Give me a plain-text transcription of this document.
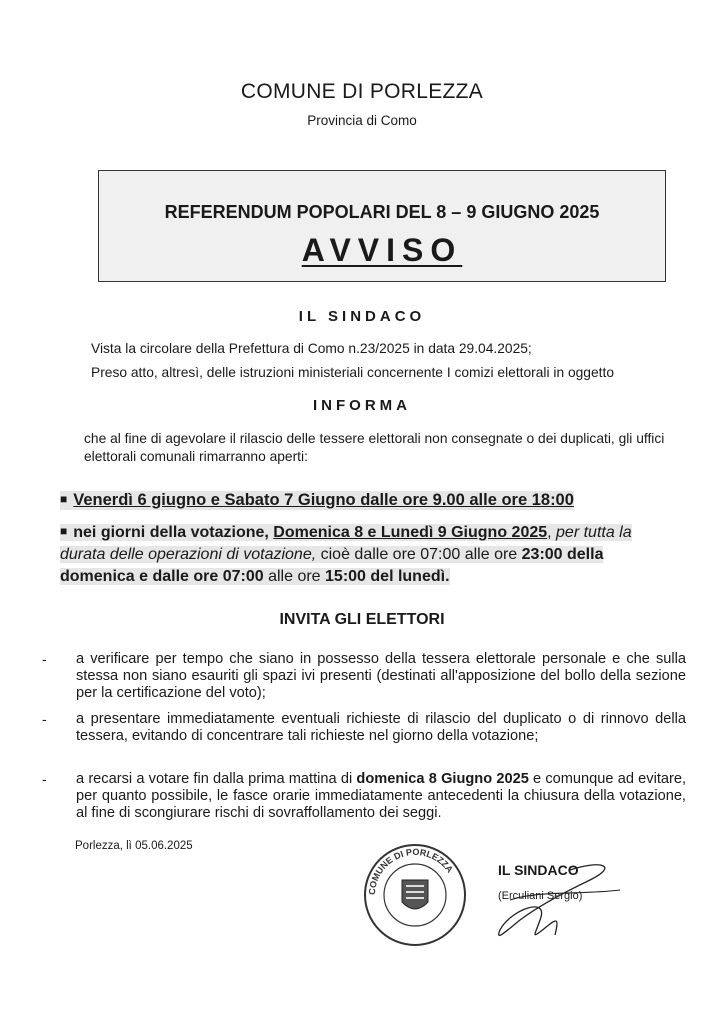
COMUNE DI PORLEZZA
Provincia di Como
REFERENDUM POPOLARI DEL 8 – 9 GIUGNO 2025
AVVISO
IL SINDACO
Vista la circolare della Prefettura di Como n.23/2025 in data 29.04.2025;
Preso atto, altresì, delle istruzioni ministeriali concernente I comizi elettorali in oggetto
INFORMA
che al fine di agevolare il rilascio delle tessere elettorali non consegnate o dei duplicati, gli uffici elettorali comunali rimarranno aperti:
■ Venerdì 6 giugno e Sabato 7 Giugno dalle ore 9.00 alle ore 18:00
■ nei giorni della votazione, Domenica 8 e Lunedì 9 Giugno 2025, per tutta la durata delle operazioni di votazione, cioè dalle ore 07:00 alle ore 23:00 della domenica e dalle ore 07:00 alle ore 15:00 del lunedì.
INVITA GLI ELETTORI
- a verificare per tempo che siano in possesso della tessera elettorale personale e che sulla stessa non siano esauriti gli spazi ivi presenti (destinati all'apposizione del bollo della sezione per la certificazione del voto);
- a presentare immediatamente eventuali richieste di rilascio del duplicato o di rinnovo della tessera, evitando di concentrare tali richieste nel giorno della votazione;
- a recarsi a votare fin dalla prima mattina di domenica 8 Giugno 2025 e comunque ad evitare, per quanto possibile, le fasce orarie immediatamente antecedenti la chiusura della votazione, al fine di scongiurare rischi di sovraffollamento dei seggi.
Porlezza, lì 05.06.2025
COMUNE DI PORLEZZA	IL SINDACO
(Erculiani Sergio)
